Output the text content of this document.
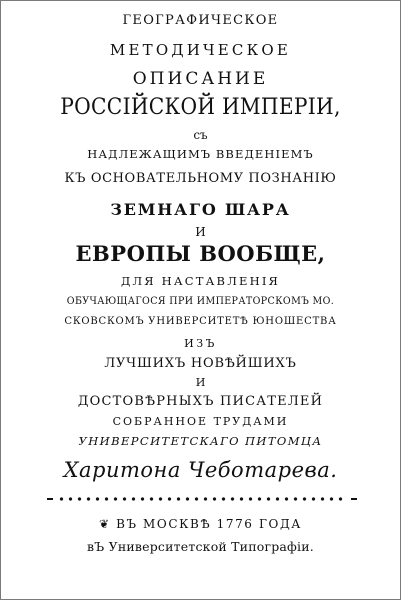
ГЕОГРАФИЧЕСКОЕ
МЕТОДИЧЕСКОЕ
ОПИСАНИЕ
РОССІЙСКОЙ ИМПЕРІИ,
съ
НАДЛЕЖАЩИМЪ ВВЕДЕНІЕМЪ
КЪ ОСНОВАТЕЛЬНОМУ ПОЗНАНІЮ
ЗЕМНАГО ШАРА
И
ЕВРОПЫ ВООБЩЕ,
ДЛЯ НАСТАВЛЕНІЯ
ОБУЧАЮЩАГОСЯ ПРИ ИМПЕРАТОРСКОМЪ МО.
СКОВСКОМЪ УНИВЕРСИТЕТѢ ЮНОШЕСТВА
ИЗЪ
ЛУЧШИХЪ НОВѢЙШИХЪ
И
ДОСТОВѢРНЫХЪ ПИСАТЕЛЕЙ
СОБРАННОЕ ТРУДАМИ
УНИВЕРСИТЕТСКАГО ПИТОМЦА
Харитона Чеботарева.
❦ ВЪ МОСКВѢ 1776 ГОДА
вЪ Университетской Типографіи.
